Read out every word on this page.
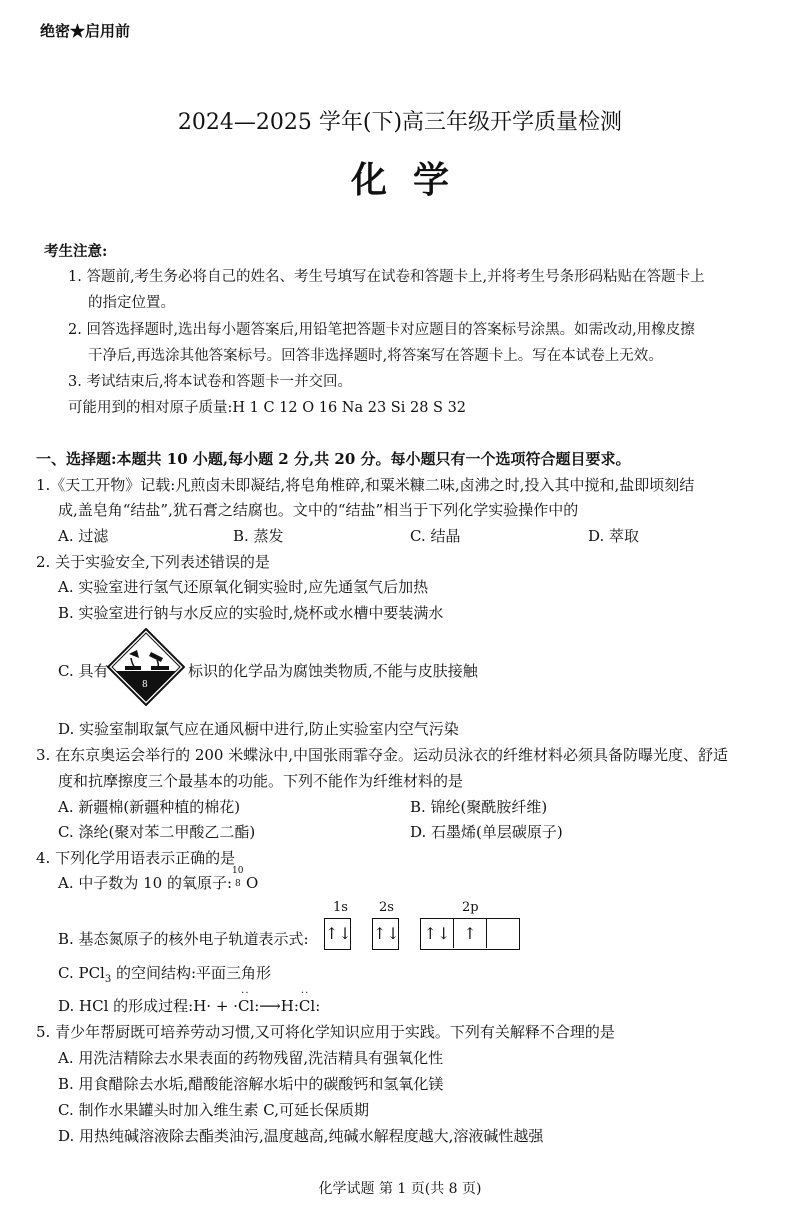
绝密★启用前
2024—2025 学年(下)高三年级开学质量检测
化学
考生注意:
1. 答题前,考生务必将自己的姓名、考生号填写在试卷和答题卡上,并将考生号条形码粘贴在答题卡上
的指定位置。
2. 回答选择题时,选出每小题答案后,用铅笔把答题卡对应题目的答案标号涂黑。如需改动,用橡皮擦
干净后,再选涂其他答案标号。回答非选择题时,将答案写在答题卡上。写在本试卷上无效。
3. 考试结束后,将本试卷和答题卡一并交回。
可能用到的相对原子质量:H 1 C 12 O 16 Na 23 Si 28 S 32
一、选择题:本题共 10 小题,每小题 2 分,共 20 分。每小题只有一个选项符合题目要求。
1.《天工开物》记载:凡煎卤未即凝结,将皂角椎碎,和粟米糠二味,卤沸之时,投入其中搅和,盐即顷刻结
成,盖皂角“结盐”,犹石膏之结腐也。文中的“结盐”相当于下列化学实验操作中的
A. 过滤	B. 蒸发	C. 结晶	D. 萃取
2. 关于实验安全,下列表述错误的是
A. 实验室进行氢气还原氧化铜实验时,应先通氢气后加热
B. 实验室进行钠与水反应的实验时,烧杯或水槽中要装满水
C. 具有
8
标识的化学品为腐蚀类物质,不能与皮肤接触
D. 实验室制取氯气应在通风橱中进行,防止实验室内空气污染
3. 在东京奥运会举行的 200 米蝶泳中,中国张雨霏夺金。运动员泳衣的纤维材料必须具备防曝光度、舒适
度和抗摩擦度三个最基本的功能。下列不能作为纤维材料的是
A. 新疆棉(新疆种植的棉花)	B. 锦纶(聚酰胺纤维)
C. 涤纶(聚对苯二甲酸乙二酯)	D. 石墨烯(单层碳原子)
4. 下列化学用语表示正确的是
A. 中子数为 10 的氧原子:
10
8 O
B. 基态氮原子的核外电子轨道表示式:
1s 2s	2p
↑↓ ↑↓ ↑↓ ↑
C. PCl$_3$ 的空间结构:平面三角形
D. HCl 的形成过程:H· +
··
·Cl:⟶H:
··
Cl:
5. 青少年帮厨既可培养劳动习惯,又可将化学知识应用于实践。下列有关解释不合理的是
A. 用洗洁精除去水果表面的药物残留,洗洁精具有强氧化性
B. 用食醋除去水垢,醋酸能溶解水垢中的碳酸钙和氢氧化镁
C. 制作水果罐头时加入维生素 C,可延长保质期
D. 用热纯碱溶液除去酯类油污,温度越高,纯碱水解程度越大,溶液碱性越强
化学试题 第 1 页(共 8 页)
